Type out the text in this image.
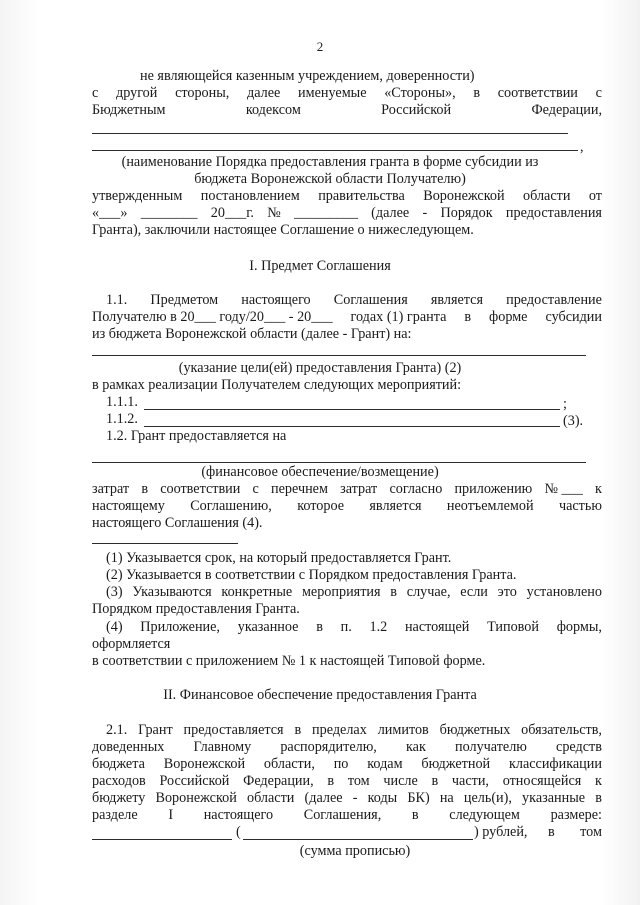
2
не являющейся казенным учреждением, доверенности)
с другой стороны, далее именуемые «Стороны», в соответствии с
Бюджетным	кодексом	Российской	Федерации,
,
(наименование Порядка предоставления гранта в форме субсидии из
бюджета Воронежской области Получателю)
утвержденным постановлением правительства Воронежской области от
«___» ________ 20___г. № _________ (далее - Порядок предоставления
Гранта), заключили настоящее Соглашение о нижеследующем.
I. Предмет Соглашения
1.1. Предметом настоящего Соглашения является предоставление
Получателю в 20___ году/20___ - 20___ годах (1) гранта в форме субсидии
из бюджета Воронежской области (далее - Грант) на:
(указание цели(ей) предоставления Гранта) (2)
в рамках реализации Получателем следующих мероприятий:
1.1.1.	;
1.1.2.	(3).
1.2. Грант предоставляется на
(финансовое обеспечение/возмещение)
затрат в соответствии с перечнем затрат согласно приложению № ___ к
настоящему Соглашению, которое является неотъемлемой частью
настоящего Соглашения (4).
(1) Указывается срок, на который предоставляется Грант.
(2) Указывается в соответствии с Порядком предоставления Гранта.
(3) Указываются конкретные мероприятия в случае, если это установлено
Порядком предоставления Гранта.
(4) Приложение, указанное в п. 1.2 настоящей Типовой формы,
оформляется
в соответствии с приложением № 1 к настоящей Типовой форме.
II. Финансовое обеспечение предоставления Гранта
2.1. Грант предоставляется в пределах лимитов бюджетных обязательств,
доведенных Главному распорядителю, как получателю средств
бюджета Воронежской области, по кодам бюджетной классификации
расходов Российской Федерации, в том числе в части, относящейся к
бюджету Воронежской области (далее - коды БК) на цель(и), указанные в
разделе I настоящего Соглашения, в следующем размере:
(	) рублей, в том
(сумма прописью)
